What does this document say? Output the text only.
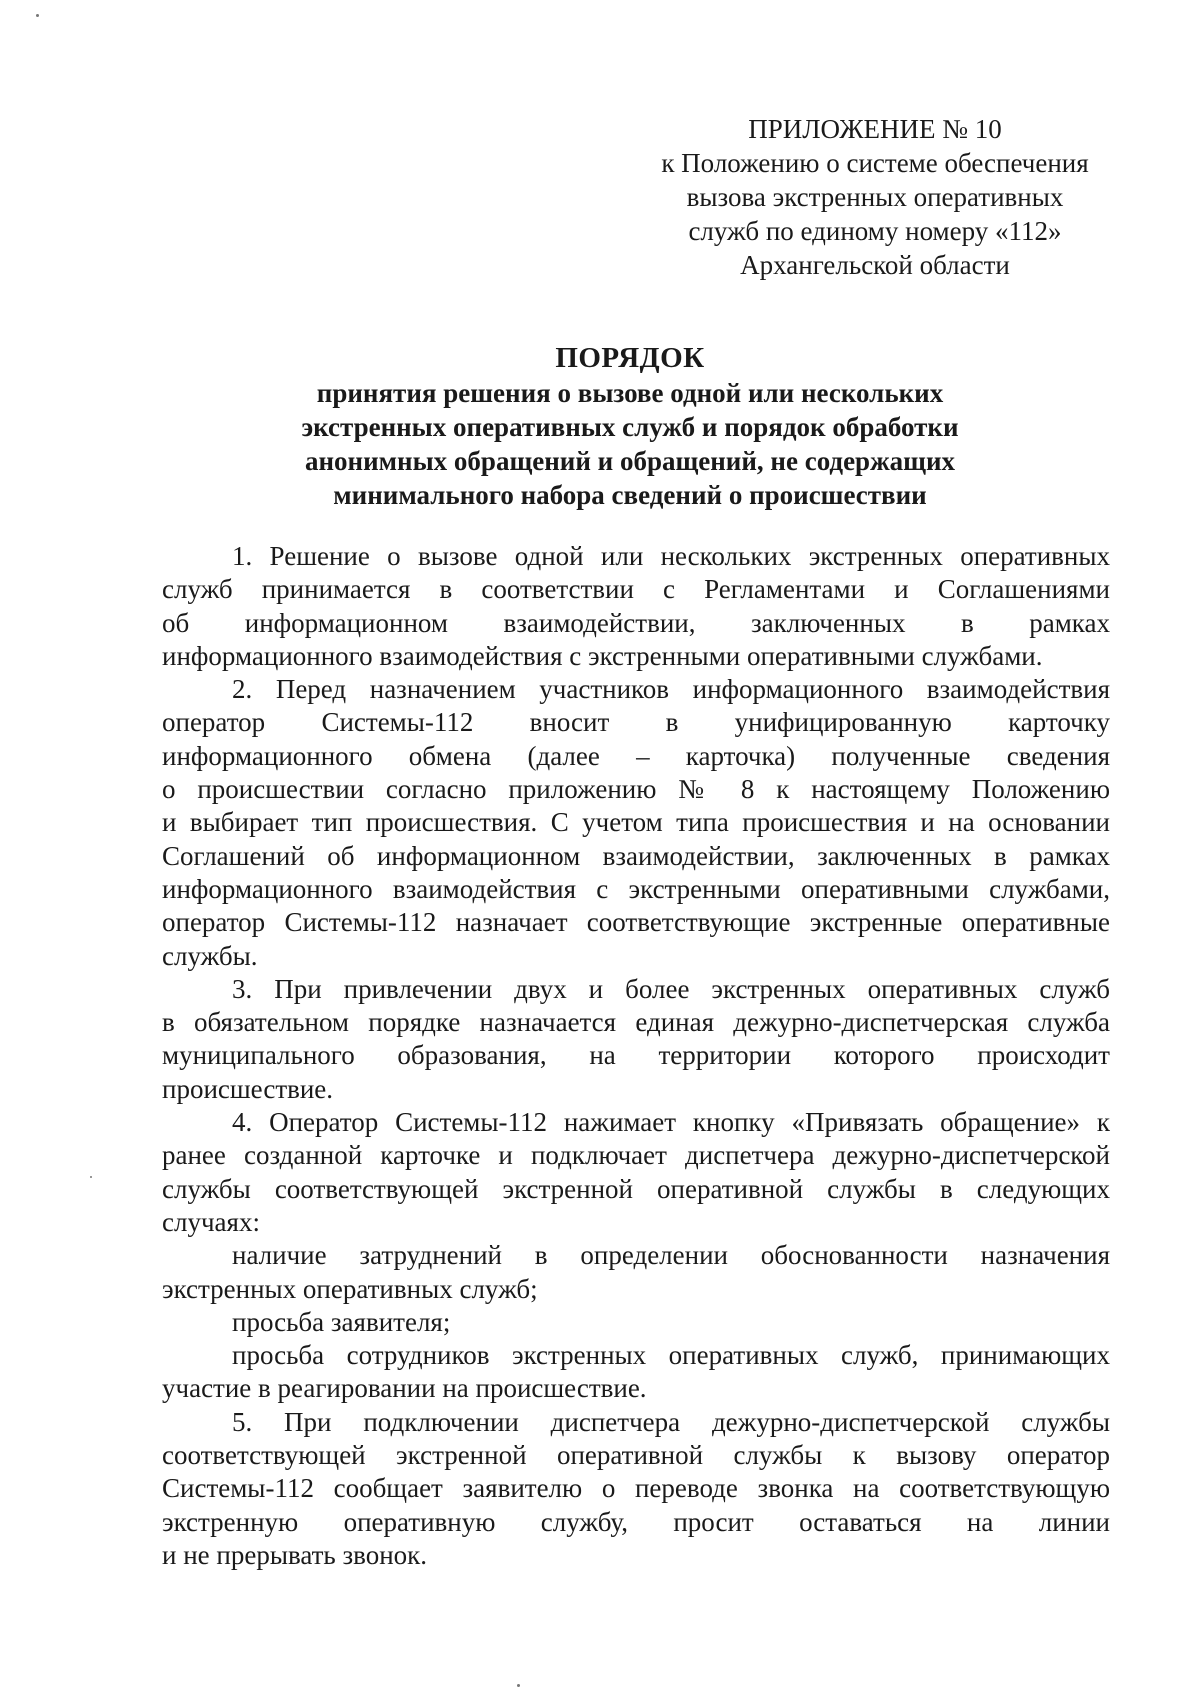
ПРИЛОЖЕНИЕ № 10
к Положению о системе обеспечения
вызова экстренных оперативных
служб по единому номеру «112»
Архангельской области
ПОРЯДОК
принятия решения о вызове одной или нескольких
экстренных оперативных служб и порядок обработки
анонимных обращений и обращений, не содержащих
минимального набора сведений о происшествии
1. Решение о вызове одной или нескольких экстренных оперативных
служб принимается в соответствии с Регламентами и Соглашениями
об информационном взаимодействии, заключенных в рамках
информационного взаимодействия с экстренными оперативными службами.
2. Перед назначением участников информационного взаимодействия
оператор Системы-112 вносит в унифицированную карточку
информационного обмена (далее – карточка) полученные сведения
о происшествии согласно приложению № 8 к настоящему Положению
и выбирает тип происшествия. С учетом типа происшествия и на основании
Соглашений об информационном взаимодействии, заключенных в рамках
информационного взаимодействия с экстренными оперативными службами,
оператор Системы-112 назначает соответствующие экстренные оперативные
службы.
3. При привлечении двух и более экстренных оперативных служб
в обязательном порядке назначается единая дежурно-диспетчерская служба
муниципального образования, на территории которого происходит
происшествие.
4. Оператор Системы-112 нажимает кнопку «Привязать обращение» к
ранее созданной карточке и подключает диспетчера дежурно-диспетчерской
службы соответствующей экстренной оперативной службы в следующих
случаях:
наличие затруднений в определении обоснованности назначения
экстренных оперативных служб;
просьба заявителя;
просьба сотрудников экстренных оперативных служб, принимающих
участие в реагировании на происшествие.
5. При подключении диспетчера дежурно-диспетчерской службы
соответствующей экстренной оперативной службы к вызову оператор
Системы-112 сообщает заявителю о переводе звонка на соответствующую
экстренную оперативную службу, просит оставаться на линии
и не прерывать звонок.
